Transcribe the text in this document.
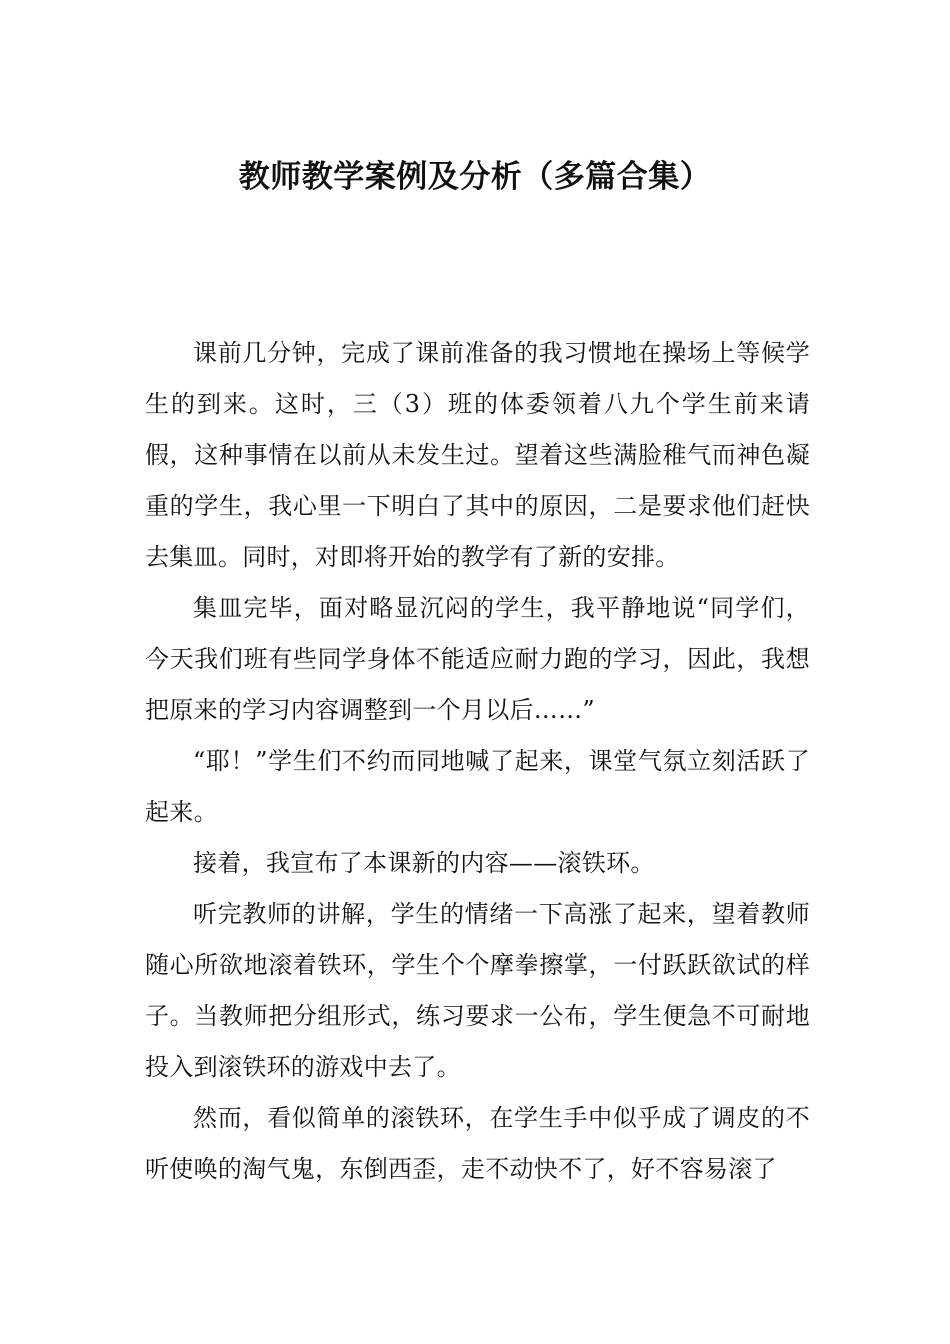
教师教学案例及分析（多篇合集）

课前几分钟，完成了课前准备的我习惯地在操场上等候学生的到来。这时，三（3）班的体委领着八九个学生前来请假，这种事情在以前从未发生过。望着这些满脸稚气而神色凝重的学生，我心里一下明白了其中的原因，二是要求他们赶快去集皿。同时，对即将开始的教学有了新的安排。

集皿完毕，面对略显沉闷的学生，我平静地说“同学们，今天我们班有些同学身体不能适应耐力跑的学习，因此，我想把原来的学习内容调整到一个月以后……”

“耶！”学生们不约而同地喊了起来，课堂气氛立刻活跃了起来。

接着，我宣布了本课新的内容——滚铁环。

听完教师的讲解，学生的情绪一下高涨了起来，望着教师随心所欲地滚着铁环，学生个个摩拳擦掌，一付跃跃欲试的样子。当教师把分组形式，练习要求一公布，学生便急不可耐地投入到滚铁环的游戏中去了。

然而，看似简单的滚铁环，在学生手中似乎成了调皮的不听使唤的淘气鬼，东倒西歪，走不动快不了，好不容易滚了
